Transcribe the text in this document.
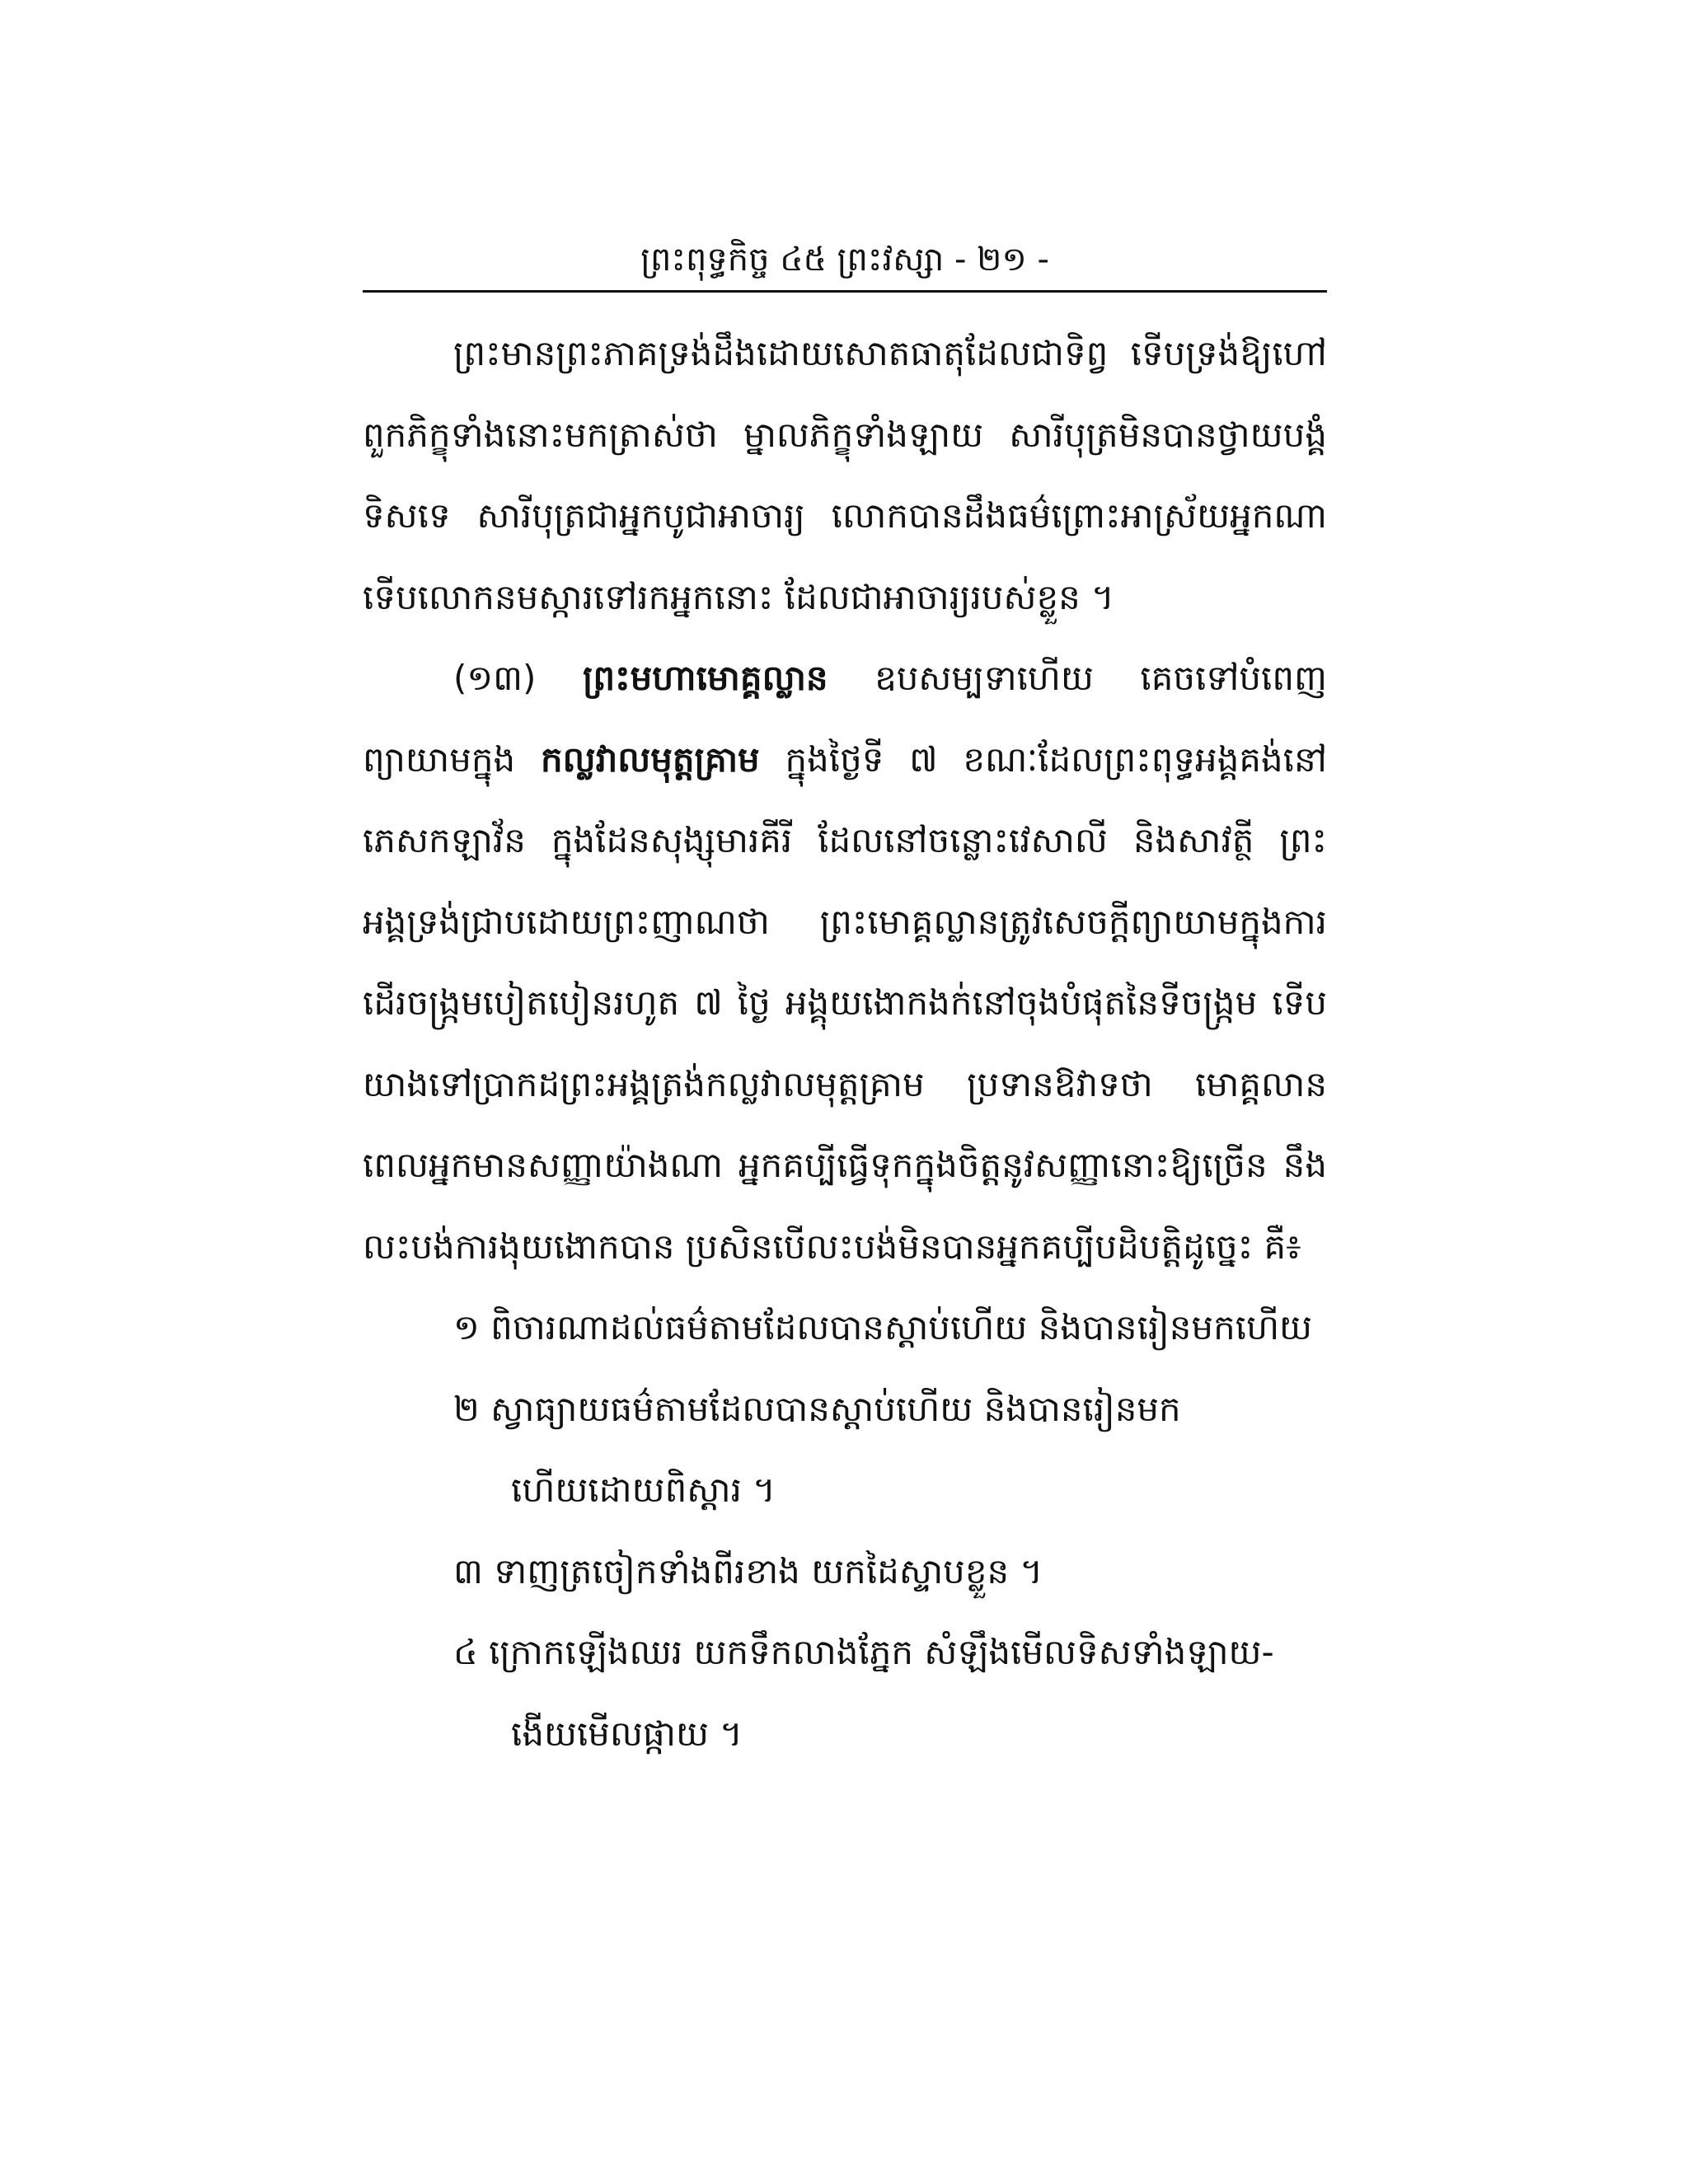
ព្រះពុទ្ធកិច្ច ៤៥ ព្រះវស្សា - ២១ -
ព្រះមានព្រះភាគទ្រង់ដឹងដោយសោតធាតុដែលជាទិព្វ ទើបទ្រង់ឱ្យហៅ
ពួកភិក្ខុទាំងនោះមកត្រាស់ថា ម្នាលភិក្ខុទាំងឡាយ សារីបុត្រមិនបានថ្វាយបង្គំ
ទិសទេ សារីបុត្រជាអ្នកបូជាអាចារ្យ លោកបានដឹងធម៌ព្រោះអាស្រ័យអ្នកណា
ទើបលោកនមស្ការទៅរកអ្នកនោះ ដែលជាអាចារ្យរបស់ខ្លួន ។
(១៣) ព្រះមហាមោគ្គល្លាន ឧបសម្បទាហើយ គេចទៅបំពេញ
ព្យាយាមក្នុង កល្លវាលមុត្តគ្រាម ក្នុងថ្ងៃទី ៧ ខណៈដែលព្រះពុទ្ធអង្គគង់នៅ
ភេសកឡាវ័ន ក្នុងដែនសុង្សុមារគីរី ដែលនៅចន្លោះវេសាលី និងសាវត្ថី ព្រះ
អង្គទ្រង់ជ្រាបដោយព្រះញាណថា ព្រះមោគ្គល្លានត្រូវសេចក្តីព្យាយាមក្នុងការ
ដើរចង្ក្រមបៀតបៀនរហូត ៧ ថ្ងៃ អង្គុយងោកងក់នៅចុងបំផុតនៃទីចង្ក្រម ទើប
យាងទៅប្រាកដព្រះអង្គត្រង់កល្លវាលមុត្តគ្រាម ប្រទានឱវាទថា មោគ្គលាន
ពេលអ្នកមានសញ្ញាយ៉ាងណា អ្នកគប្បីធ្វើទុកក្នុងចិត្តនូវសញ្ញានោះឱ្យច្រើន នឹង
លះបង់ការងុយងោកបាន ប្រសិនបើលះបង់មិនបានអ្នកគប្បីបដិបត្តិដូច្នេះ គឺ៖
១ ពិចារណាដល់ធម៌តាមដែលបានស្តាប់ហើយ និងបានរៀនមកហើយ
២ ស្វាធ្យាយធម៌តាមដែលបានស្តាប់ហើយ និងបានរៀនមក
ហើយដោយពិស្តារ ។
៣ ទាញត្រចៀកទាំងពីរខាង យកដៃស្ទាបខ្លួន ។
៤ ក្រោកឡើងឈរ យកទឹកលាងភ្នែក សំឡឹងមើលទិសទាំងឡាយ-
ងើយមើលផ្កាយ ។
